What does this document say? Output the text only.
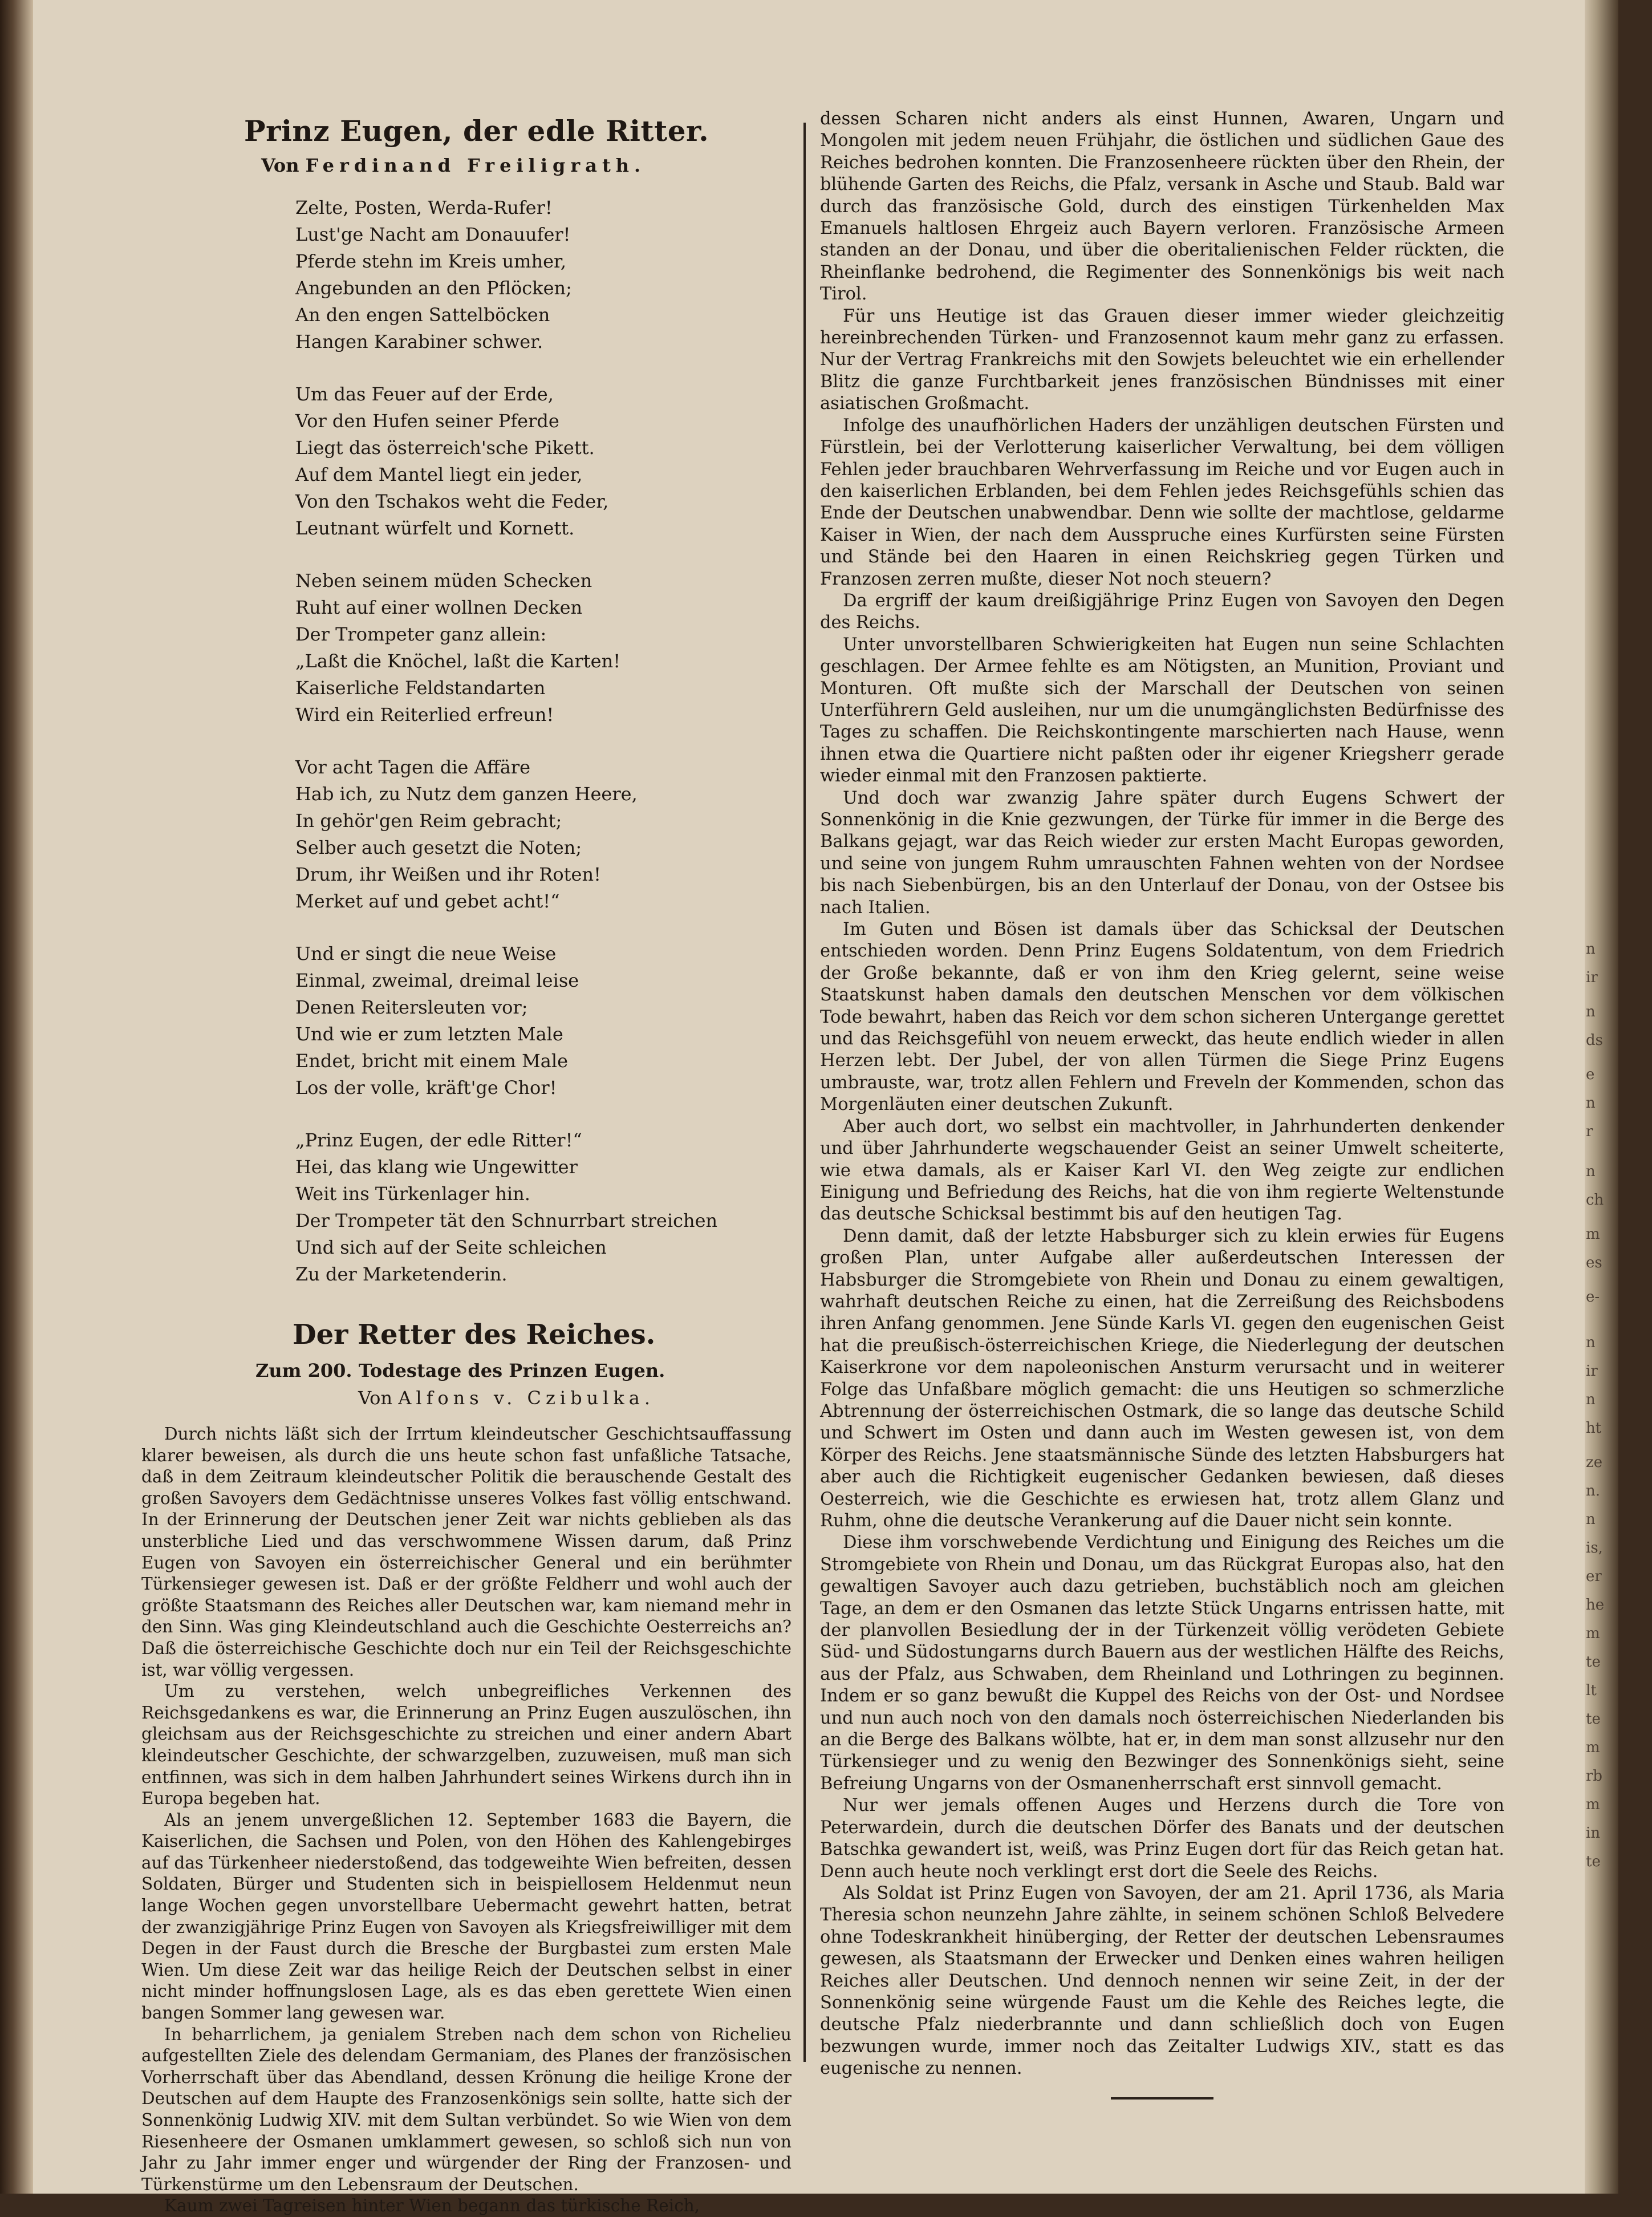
Prinz Eugen, der edle Ritter.
Von Ferdinand Freiligrath.
Zelte, Posten, Werda-Rufer!
Lust'ge Nacht am Donauufer!
Pferde stehn im Kreis umher,
Angebunden an den Pflöcken;
An den engen Sattelböcken
Hangen Karabiner schwer.
Um das Feuer auf der Erde,
Vor den Hufen seiner Pferde
Liegt das österreich'sche Pikett.
Auf dem Mantel liegt ein jeder,
Von den Tschakos weht die Feder,
Leutnant würfelt und Kornett.
Neben seinem müden Schecken
Ruht auf einer wollnen Decken
Der Trompeter ganz allein:
„Laßt die Knöchel, laßt die Karten!
Kaiserliche Feldstandarten
Wird ein Reiterlied erfreun!
Vor acht Tagen die Affäre
Hab ich, zu Nutz dem ganzen Heere,
In gehör'gen Reim gebracht;
Selber auch gesetzt die Noten;
Drum, ihr Weißen und ihr Roten!
Merket auf und gebet acht!“
Und er singt die neue Weise
Einmal, zweimal, dreimal leise
Denen Reitersleuten vor;
Und wie er zum letzten Male
Endet, bricht mit einem Male
Los der volle, kräft'ge Chor!
„Prinz Eugen, der edle Ritter!“
Hei, das klang wie Ungewitter
Weit ins Türkenlager hin.
Der Trompeter tät den Schnurrbart streichen
Und sich auf der Seite schleichen
Zu der Marketenderin.
Der Retter des Reiches.
Zum 200. Todestage des Prinzen Eugen.
Von Alfons v. Czibulka.

Durch nichts läßt sich der Irrtum kleindeutscher Geschichtsauffassung klarer beweisen, als durch die uns heute schon fast unfaßliche Tatsache, daß in dem Zeitraum kleindeutscher Politik die berauschende Gestalt des großen Savoyers dem Gedächtnisse unseres Volkes fast völlig entschwand. In der Erinnerung der Deutschen jener Zeit war nichts geblieben als das unsterbliche Lied und das verschwommene Wissen darum, daß Prinz Eugen von Savoyen ein österreichischer General und ein berühmter Türkensieger gewesen ist. Daß er der größte Feldherr und wohl auch der größte Staatsmann des Reiches aller Deutschen war, kam niemand mehr in den Sinn. Was ging Kleindeutschland auch die Geschichte Oesterreichs an? Daß die österreichische Geschichte doch nur ein Teil der Reichsgeschichte ist, war völlig vergessen.

Um zu verstehen, welch unbegreifliches Verkennen des Reichsgedankens es war, die Erinnerung an Prinz Eugen auszulöschen, ihn gleichsam aus der Reichsgeschichte zu streichen und einer andern Abart kleindeutscher Geschichte, der schwarzgelben, zuzuweisen, muß man sich entfinnen, was sich in dem halben Jahrhundert seines Wirkens durch ihn in Europa begeben hat.

Als an jenem unvergeßlichen 12. September 1683 die Bayern, die Kaiserlichen, die Sachsen und Polen, von den Höhen des Kahlengebirges auf das Türkenheer niederstoßend, das todgeweihte Wien befreiten, dessen Soldaten, Bürger und Studenten sich in beispiellosem Heldenmut neun lange Wochen gegen unvorstellbare Uebermacht gewehrt hatten, betrat der zwanzigjährige Prinz Eugen von Savoyen als Kriegsfreiwilliger mit dem Degen in der Faust durch die Bresche der Burgbastei zum ersten Male Wien. Um diese Zeit war das heilige Reich der Deutschen selbst in einer nicht minder hoffnungslosen Lage, als es das eben gerettete Wien einen bangen Sommer lang gewesen war.

In beharrlichem, ja genialem Streben nach dem schon von Richelieu aufgestellten Ziele des delendam Germaniam, des Planes der französischen Vorherrschaft über das Abendland, dessen Krönung die heilige Krone der Deutschen auf dem Haupte des Franzosenkönigs sein sollte, hatte sich der Sonnenkönig Ludwig XIV. mit dem Sultan verbündet. So wie Wien von dem Riesenheere der Osmanen umklammert gewesen, so schloß sich nun von Jahr zu Jahr immer enger und würgender der Ring der Franzosen- und Türkenstürme um den Lebensraum der Deutschen.

Kaum zwei Tagreisen hinter Wien begann das türkische Reich,

dessen Scharen nicht anders als einst Hunnen, Awaren, Ungarn und Mongolen mit jedem neuen Frühjahr, die östlichen und südlichen Gaue des Reiches bedrohen konnten. Die Franzosenheere rückten über den Rhein, der blühende Garten des Reichs, die Pfalz, versank in Asche und Staub. Bald war durch das französische Gold, durch des einstigen Türkenhelden Max Emanuels haltlosen Ehrgeiz auch Bayern verloren. Französische Armeen standen an der Donau, und über die oberitalienischen Felder rückten, die Rheinflanke bedrohend, die Regimenter des Sonnenkönigs bis weit nach Tirol.

Für uns Heutige ist das Grauen dieser immer wieder gleichzeitig hereinbrechenden Türken- und Franzosennot kaum mehr ganz zu erfassen. Nur der Vertrag Frankreichs mit den Sowjets beleuchtet wie ein erhellender Blitz die ganze Furchtbarkeit jenes französischen Bündnisses mit einer asiatischen Großmacht.

Infolge des unaufhörlichen Haders der unzähligen deutschen Fürsten und Fürstlein, bei der Verlotterung kaiserlicher Verwaltung, bei dem völligen Fehlen jeder brauchbaren Wehrverfassung im Reiche und vor Eugen auch in den kaiserlichen Erblanden, bei dem Fehlen jedes Reichsgefühls schien das Ende der Deutschen unabwendbar. Denn wie sollte der machtlose, geldarme Kaiser in Wien, der nach dem Ausspruche eines Kurfürsten seine Fürsten und Stände bei den Haaren in einen Reichskrieg gegen Türken und Franzosen zerren mußte, dieser Not noch steuern?

Da ergriff der kaum dreißigjährige Prinz Eugen von Savoyen den Degen des Reichs.

Unter unvorstellbaren Schwierigkeiten hat Eugen nun seine Schlachten geschlagen. Der Armee fehlte es am Nötigsten, an Munition, Proviant und Monturen. Oft mußte sich der Marschall der Deutschen von seinen Unterführern Geld ausleihen, nur um die unumgänglichsten Bedürfnisse des Tages zu schaffen. Die Reichskontingente marschierten nach Hause, wenn ihnen etwa die Quartiere nicht paßten oder ihr eigener Kriegsherr gerade wieder einmal mit den Franzosen paktierte.

Und doch war zwanzig Jahre später durch Eugens Schwert der Sonnenkönig in die Knie gezwungen, der Türke für immer in die Berge des Balkans gejagt, war das Reich wieder zur ersten Macht Europas geworden, und seine von jungem Ruhm umrauschten Fahnen wehten von der Nordsee bis nach Siebenbürgen, bis an den Unterlauf der Donau, von der Ostsee bis nach Italien.

Im Guten und Bösen ist damals über das Schicksal der Deutschen entschieden worden. Denn Prinz Eugens Soldatentum, von dem Friedrich der Große bekannte, daß er von ihm den Krieg gelernt, seine weise Staatskunst haben damals den deutschen Menschen vor dem völkischen Tode bewahrt, haben das Reich vor dem schon sicheren Untergange gerettet und das Reichsgefühl von neuem erweckt, das heute endlich wieder in allen Herzen lebt. Der Jubel, der von allen Türmen die Siege Prinz Eugens umbrauste, war, trotz allen Fehlern und Freveln der Kommenden, schon das Morgenläuten einer deutschen Zukunft.

Aber auch dort, wo selbst ein machtvoller, in Jahrhunderten denkender und über Jahrhunderte wegschauender Geist an seiner Umwelt scheiterte, wie etwa damals, als er Kaiser Karl VI. den Weg zeigte zur endlichen Einigung und Befriedung des Reichs, hat die von ihm regierte Weltenstunde das deutsche Schicksal bestimmt bis auf den heutigen Tag.

Denn damit, daß der letzte Habsburger sich zu klein erwies für Eugens großen Plan, unter Aufgabe aller außerdeutschen Interessen der Habsburger die Stromgebiete von Rhein und Donau zu einem gewaltigen, wahrhaft deutschen Reiche zu einen, hat die Zerreißung des Reichsbodens ihren Anfang genommen. Jene Sünde Karls VI. gegen den eugenischen Geist hat die preußisch-österreichischen Kriege, die Niederlegung der deutschen Kaiserkrone vor dem napoleonischen Ansturm verursacht und in weiterer Folge das Unfaßbare möglich gemacht: die uns Heutigen so schmerzliche Abtrennung der österreichischen Ostmark, die so lange das deutsche Schild und Schwert im Osten und dann auch im Westen gewesen ist, von dem Körper des Reichs. Jene staatsmännische Sünde des letzten Habsburgers hat aber auch die Richtigkeit eugenischer Gedanken bewiesen, daß dieses Oesterreich, wie die Geschichte es erwiesen hat, trotz allem Glanz und Ruhm, ohne die deutsche Verankerung auf die Dauer nicht sein konnte.

Diese ihm vorschwebende Verdichtung und Einigung des Reiches um die Stromgebiete von Rhein und Donau, um das Rückgrat Europas also, hat den gewaltigen Savoyer auch dazu getrieben, buchstäblich noch am gleichen Tage, an dem er den Osmanen das letzte Stück Ungarns entrissen hatte, mit der planvollen Besiedlung der in der Türkenzeit völlig verödeten Gebiete Süd- und Südostungarns durch Bauern aus der westlichen Hälfte des Reichs, aus der Pfalz, aus Schwaben, dem Rheinland und Lothringen zu beginnen. Indem er so ganz bewußt die Kuppel des Reichs von der Ost- und Nordsee und nun auch noch von den damals noch österreichischen Niederlanden bis an die Berge des Balkans wölbte, hat er, in dem man sonst allzusehr nur den Türkensieger und zu wenig den Bezwinger des Sonnenkönigs sieht, seine Befreiung Ungarns von der Osmanenherrschaft erst sinnvoll gemacht.

Nur wer jemals offenen Auges und Herzens durch die Tore von Peterwardein, durch die deutschen Dörfer des Banats und der deutschen Batschka gewandert ist, weiß, was Prinz Eugen dort für das Reich getan hat. Denn auch heute noch verklingt erst dort die Seele des Reichs.

Als Soldat ist Prinz Eugen von Savoyen, der am 21. April 1736, als Maria Theresia schon neunzehn Jahre zählte, in seinem schönen Schloß Belvedere ohne Todeskrankheit hinüberging, der Retter der deutschen Lebensraumes gewesen, als Staatsmann der Erwecker und Denken eines wahren heiligen Reiches aller Deutschen. Und dennoch nennen wir seine Zeit, in der der Sonnenkönig seine würgende Faust um die Kehle des Reiches legte, die deutsche Pfalz niederbrannte und dann schließlich doch von Eugen bezwungen wurde, immer noch das Zeitalter Ludwigs XIV., statt es das eugenische zu nennen.

n
ir
n
ds
e
n
r
n
ch
m
es
e-
n
ir
n
ht
ze
n.
n
is,
er
he
m
te
lt
te
m
rb
m
in
te
